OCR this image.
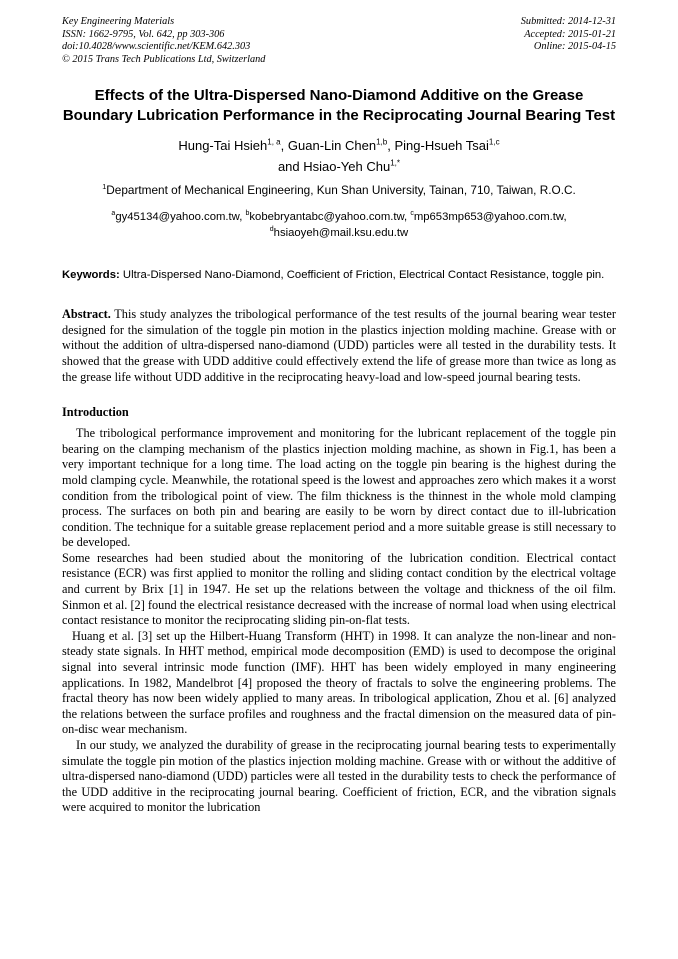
Key Engineering Materials
ISSN: 1662-9795, Vol. 642, pp 303-306
doi:10.4028/www.scientific.net/KEM.642.303
© 2015 Trans Tech Publications Ltd, Switzerland
Submitted: 2014-12-31
Accepted: 2015-01-21
Online: 2015-04-15
Effects of the Ultra-Dispersed Nano-Diamond Additive on the Grease Boundary Lubrication Performance in the Reciprocating Journal Bearing Test

Hung-Tai Hsieh$^{1, a}$, Guan-Lin Chen$^{1,b}$, Ping-Hsueh Tsai$^{1,c}$

and Hsiao-Yeh Chu$^{1,*}$

$^1$Department of Mechanical Engineering, Kun Shan University, Tainan, 710, Taiwan, R.O.C.

$^a$gy45134@yahoo.com.tw, $^b$kobebryantabc@yahoo.com.tw, $^c$mp653mp653@yahoo.com.tw,
$^d$hsiaoyeh@mail.ksu.edu.tw

Keywords: Ultra-Dispersed Nano-Diamond, Coefficient of Friction, Electrical Contact Resistance, toggle pin.

Abstract. This study analyzes the tribological performance of the test results of the journal bearing wear tester designed for the simulation of the toggle pin motion in the plastics injection molding machine. Grease with or without the addition of ultra-dispersed nano-diamond (UDD) particles were all tested in the durability tests. It showed that the grease with UDD additive could effectively extend the life of grease more than twice as long as the grease life without UDD additive in the reciprocating heavy-load and low-speed journal bearing tests.

Introduction

The tribological performance improvement and monitoring for the lubricant replacement of the toggle pin bearing on the clamping mechanism of the plastics injection molding machine, as shown in Fig.1, has been a very important technique for a long time. The load acting on the toggle pin bearing is the highest during the mold clamping cycle. Meanwhile, the rotational speed is the lowest and approaches zero which makes it a worst condition from the tribological point of view. The film thickness is the thinnest in the whole mold clamping process. The surfaces on both pin and bearing are easily to be worn by direct contact due to ill-lubrication condition. The technique for a suitable grease replacement period and a more suitable grease is still necessary to be developed.

Some researches had been studied about the monitoring of the lubrication condition. Electrical contact resistance (ECR) was first applied to monitor the rolling and sliding contact condition by the electrical voltage and current by Brix [1] in 1947. He set up the relations between the voltage and thickness of the oil film. Sinmon et al. [2] found the electrical resistance decreased with the increase of normal load when using electrical contact resistance to monitor the reciprocating sliding pin-on-flat tests.

Huang et al. [3] set up the Hilbert-Huang Transform (HHT) in 1998. It can analyze the non-linear and non-steady state signals. In HHT method, empirical mode decomposition (EMD) is used to decompose the original signal into several intrinsic mode function (IMF). HHT has been widely employed in many engineering applications. In 1982, Mandelbrot [4] proposed the theory of fractals to solve the engineering problems. The fractal theory has now been widely applied to many areas. In tribological application, Zhou et al. [6] analyzed the relations between the surface profiles and roughness and the fractal dimension on the measured data of pin-on-disc wear mechanism.

In our study, we analyzed the durability of grease in the reciprocating journal bearing tests to experimentally simulate the toggle pin motion of the plastics injection molding machine. Grease with or without the additive of ultra-dispersed nano-diamond (UDD) particles were all tested in the durability tests to check the performance of the UDD additive in the reciprocating journal bearing. Coefficient of friction, ECR, and the vibration signals were acquired to monitor the lubrication
